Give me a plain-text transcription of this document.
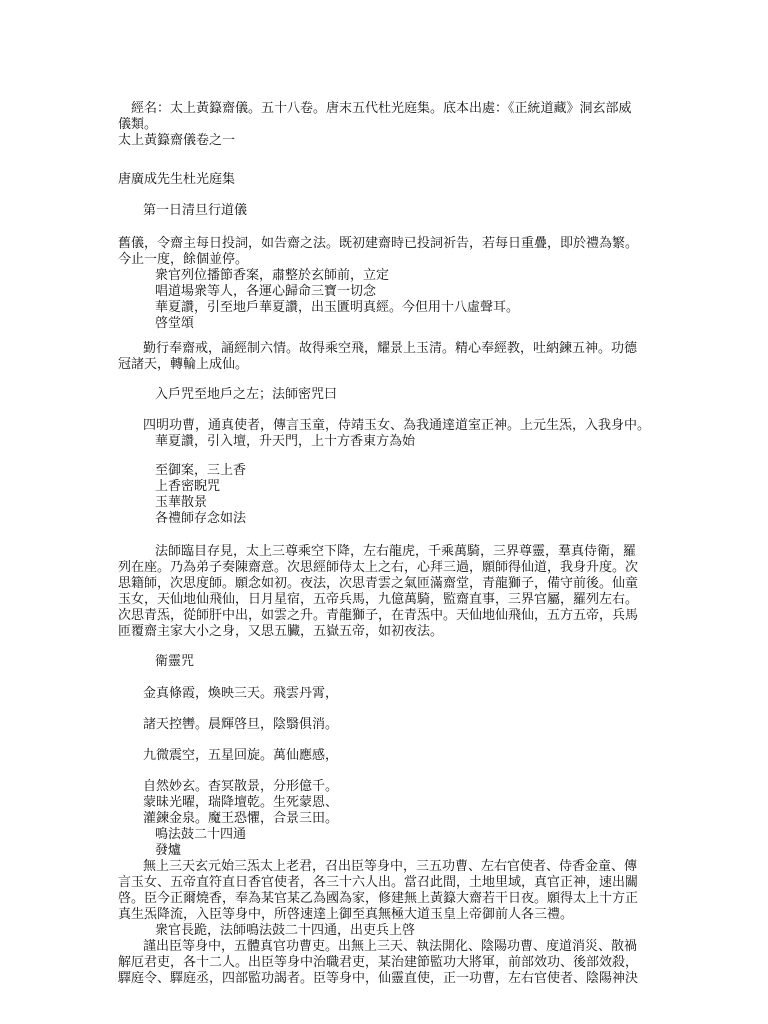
　經名：太上黃籙齋儀。五十八卷。唐末五代杜光庭集。底本出處：《正統道藏》洞玄部威
儀類。
太上黃籙齋儀卷之一
唐廣成先生杜光庭集
第一日清旦行道儀
舊儀，令齋主每日投詞，如告齋之法。既初建齋時已投詞祈告，若每日重疊，即於禮為繁。
今止一度，餘個並停。
衆官列位播節香案，肅整於玄師前，立定
唱道場衆等人，各運心歸命三寶一切念
華夏讚，引至地戶華夏讚，出玉匱明真經。今但用十八虛聲耳。
啓堂頌
勤行奉齋戒，誦經制六情。故得乘空飛，耀景上玉清。精心奉經教，吐納鍊五神。功德
冠諸天，轉輪上成仙。
入戶咒至地戶之左；法師密咒曰
四明功曹，通真使者，傳言玉童，侍靖玉女、為我通達道室正神。上元生炁，入我身中。
華夏讚，引入壇，升天門，上十方香東方為始
至御案，三上香
上香密睨咒
玉華散景
各禮師存念如法
法師臨目存見，太上三尊乘空下降，左右龍虎，千乘萬騎，三界尊靈，羣真侍衛，羅
列在座。乃為弟子奏陳齋意。次思經師侍太上之右，心拜三過，願師得仙道，我身升度。次
思籍師，次思度師。願念如初。夜法，次思青雲之氣匝滿齋堂，青龍獅子，備守前後。仙童
玉女，天仙地仙飛仙，日月星宿，五帝兵馬，九億萬騎，監齋直事，三界官屬，羅列左右。
次思青炁，從師肝中出，如雲之升。青龍獅子，在青炁中。天仙地仙飛仙，五方五帝，兵馬
匝覆齋主家大小之身，又思五臟，五嶽五帝，如初夜法。
衛靈咒
金真條霞，煥映三天。飛雲丹霄，
諸天控轡。晨輝啓旦，陰翳俱消。
九微震空，五星回旋。萬仙應感，
自然妙玄。杳冥散景，分形億千。
蒙昧光曜，瑞降壇乾。生死蒙恩、
灌鍊金泉。魔王恐懼，合景三田。
鳴法鼓二十四通
發爐
無上三天玄元始三炁太上老君，召出臣等身中，三五功曹、左右官使者、侍香金童、傳
言玉女、五帝直符直日香官使者，各三十六人出。當召此間，土地里域，真官正神，速出關
啓。臣今正爾燒香，奉為某官某乙為國為家，修建無上黃籙大齋若干日夜。願得太上十方正
真生炁降流，入臣等身中，所啓速達上御至真無極大道玉皇上帝御前人各三禮。
衆官長跪，法師鳴法鼓二十四通，出吏兵上啓
謹出臣等身中，五體真官功曹吏。出無上三天、執法開化、陰陽功曹、度道消災、散禍
解厄君吏，各十二人。出臣等身中治職君吏，某治建節監功大將軍，前部效功、後部效殺，
驛庭令、驛庭丞，四部監功謁者。臣等身中，仙靈直使，正一功曹，左右官使者、陰陽神決
